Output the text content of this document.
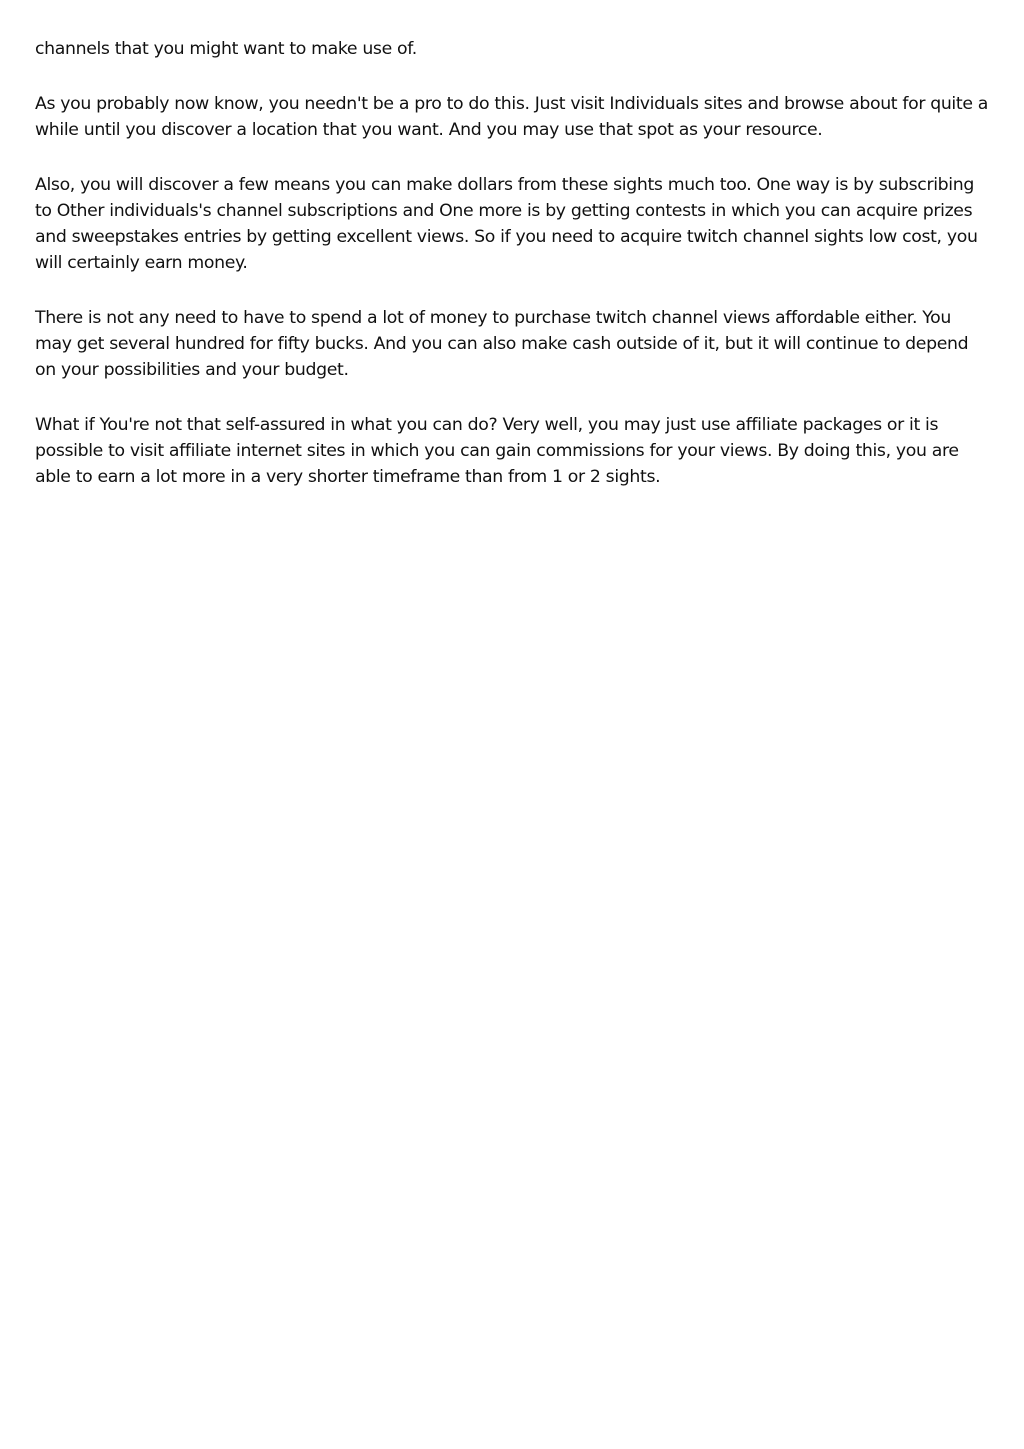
channels that you might want to make use of.

As you probably now know, you needn't be a pro to do this. Just visit Individuals sites and browse about for quite a while until you discover a location that you want. And you may use that spot as your resource.

Also, you will discover a few means you can make dollars from these sights much too. One way is by subscribing to Other individuals's channel subscriptions and One more is by getting contests in which you can acquire prizes and sweepstakes entries by getting excellent views. So if you need to acquire twitch channel sights low cost, you will certainly earn money.

There is not any need to have to spend a lot of money to purchase twitch channel views affordable either. You may get several hundred for fifty bucks. And you can also make cash outside of it, but it will continue to depend on your possibilities and your budget.

What if You're not that self-assured in what you can do? Very well, you may just use affiliate packages or it is possible to visit affiliate internet sites in which you can gain commissions for your views. By doing this, you are able to earn a lot more in a very shorter timeframe than from 1 or 2 sights.
